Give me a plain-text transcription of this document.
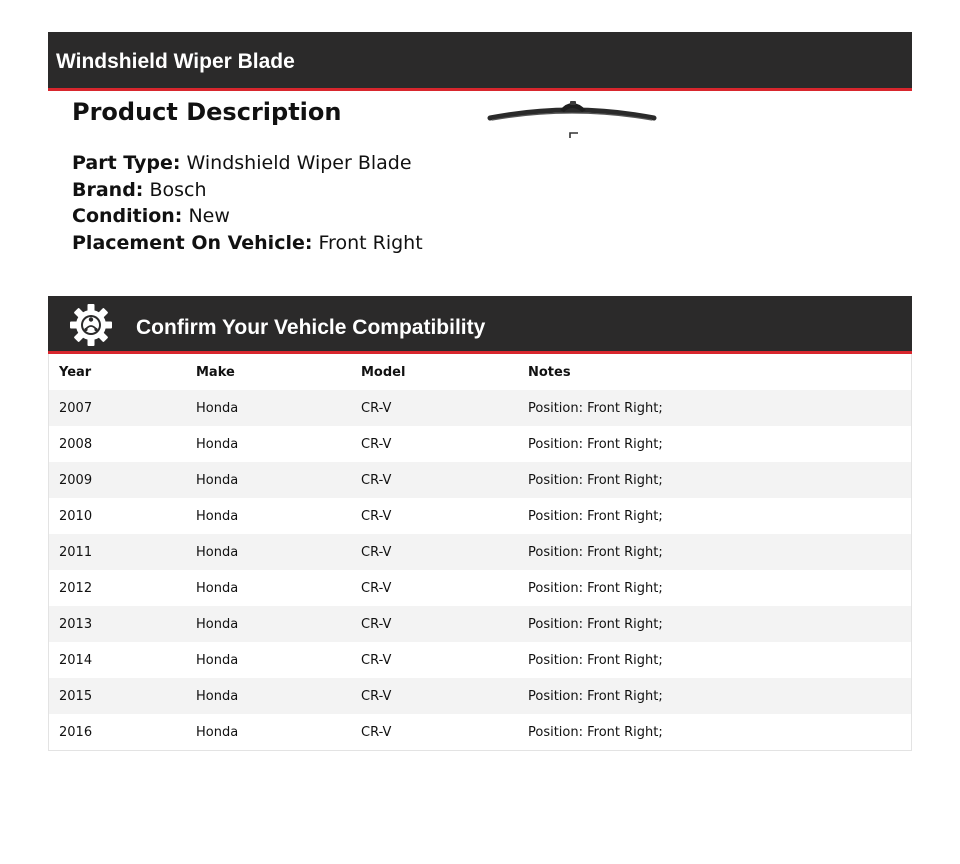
Windshield Wiper Blade
Product Description
Part Type: Windshield Wiper Blade
Brand: Bosch
Condition: New
Placement On Vehicle: Front Right
Confirm Your Vehicle Compatibility
Year	Make	Model	Notes
2007	Honda	CR-V	Position: Front Right;
2008	Honda	CR-V	Position: Front Right;
2009	Honda	CR-V	Position: Front Right;
2010	Honda	CR-V	Position: Front Right;
2011	Honda	CR-V	Position: Front Right;
2012	Honda	CR-V	Position: Front Right;
2013	Honda	CR-V	Position: Front Right;
2014	Honda	CR-V	Position: Front Right;
2015	Honda	CR-V	Position: Front Right;
2016	Honda	CR-V	Position: Front Right;
